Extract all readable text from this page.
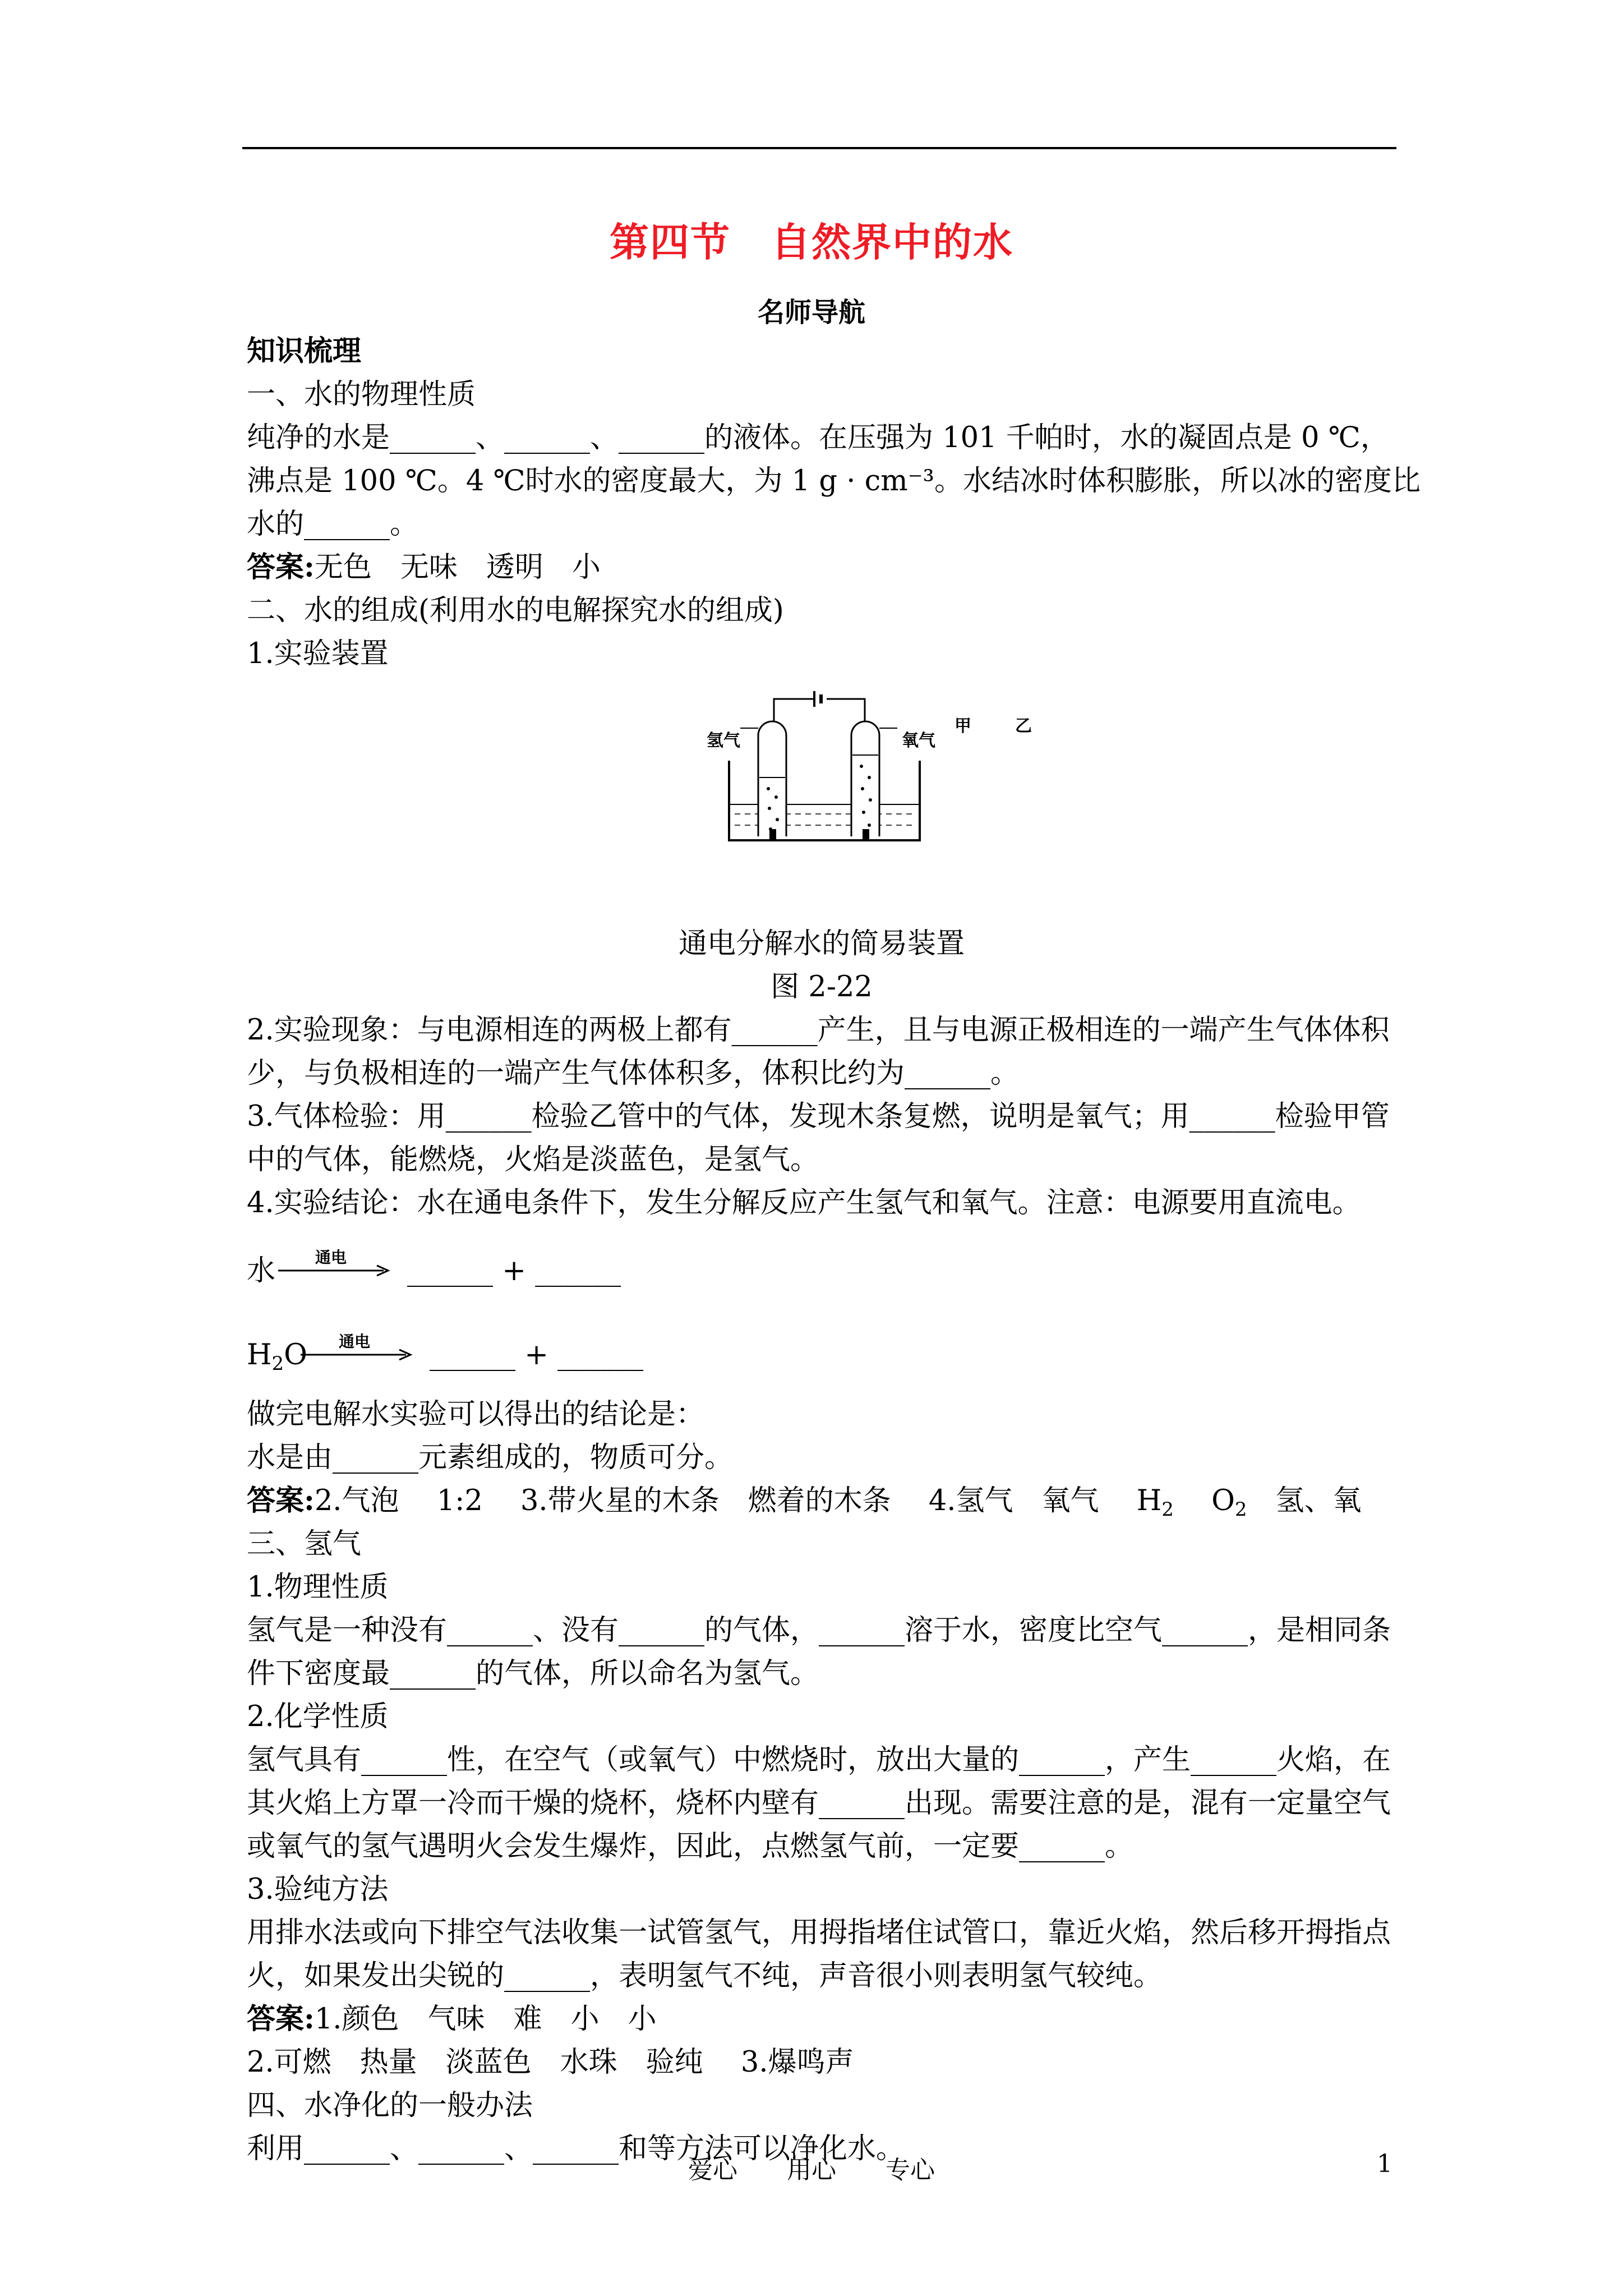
第四节　自然界中的水
名师导航
知识梳理
一、水的物理性质
纯净的水是______、______、______的液体。在压强为 101 千帕时，水的凝固点是 0 ℃，
沸点是 100 ℃。4 ℃时水的密度最大，为 1 g · cm⁻³。水结冰时体积膨胀，所以冰的密度比
水的______。
答案:无色　无味　透明　小
二、水的组成(利用水的电解探究水的组成)
1.实验装置
甲	乙
氢气	氧气
通电分解水的简易装置
图 2-22
2.实验现象：与电源相连的两极上都有______产生，且与电源正极相连的一端产生气体体积
少，与负极相连的一端产生气体体积多，体积比约为______。
3.气体检验：用______检验乙管中的气体，发现木条复燃，说明是氧气；用______检验甲管
中的气体，能燃烧，火焰是淡蓝色，是氢气。
4.实验结论：水在通电条件下，发生分解反应产生氢气和氧气。注意：电源要用直流电。
水	通电 → ______ + ______
$H_2O$ 通电 → ______ + ______
做完电解水实验可以得出的结论是：
水是由______元素组成的，物质可分。
答案:2.气泡　 1:2　 3.带火星的木条　燃着的木条　 4.氢气　氧气　 $H_2$　 $O_2$　氢、氧
三、氢气
1.物理性质
氢气是一种没有______、没有______的气体，______溶于水，密度比空气______，是相同条
件下密度最______的气体，所以命名为氢气。
2.化学性质
氢气具有______性，在空气（或氧气）中燃烧时，放出大量的______，产生______火焰，在
其火焰上方罩一冷而干燥的烧杯，烧杯内壁有______出现。需要注意的是，混有一定量空气
或氧气的氢气遇明火会发生爆炸，因此，点燃氢气前，一定要______。
3.验纯方法
用排水法或向下排空气法收集一试管氢气，用拇指堵住试管口，靠近火焰，然后移开拇指点
火，如果发出尖锐的______，表明氢气不纯，声音很小则表明氢气较纯。
答案:1.颜色　气味　难　小　小
2.可燃　热量　淡蓝色　水珠　验纯　 3.爆鸣声
四、水净化的一般办法
利用______、______、______和等方法可以净化水。
爱心　　用心　　专心	1
